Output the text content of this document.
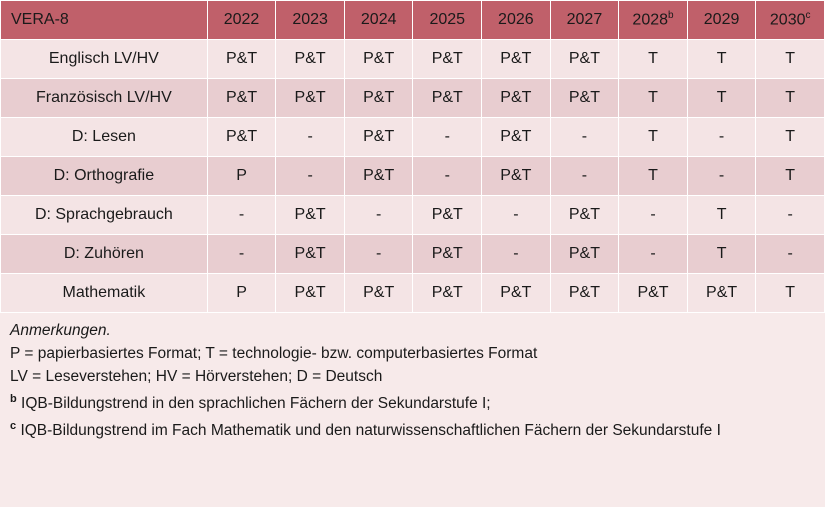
VERA-8	2022	2023	2024	2025	2026	2027	2028$^b$	2029	2030$^c$
Englisch LV/HV	P&T	P&T	P&T	P&T	P&T	P&T	T	T	T
Französisch LV/HV	P&T	P&T	P&T	P&T	P&T	P&T	T	T	T
D: Lesen	P&T	-	P&T	-	P&T	-	T	-	T
D: Orthografie	P	-	P&T	-	P&T	-	T	-	T
D: Sprachgebrauch	-	P&T	-	P&T	-	P&T	-	T	-
D: Zuhören	-	P&T	-	P&T	-	P&T	-	T	-
Mathematik	P	P&T	P&T	P&T	P&T	P&T	P&T	P&T	T
Anmerkungen.
P = papierbasiertes Format; T = technologie- bzw. computerbasiertes Format
LV = Leseverstehen; HV = Hörverstehen; D = Deutsch
$^b$ IQB-Bildungstrend in den sprachlichen Fächern der Sekundarstufe I;
$^c$ IQB-Bildungstrend im Fach Mathematik und den naturwissenschaftlichen Fächern der Sekundarstufe I
